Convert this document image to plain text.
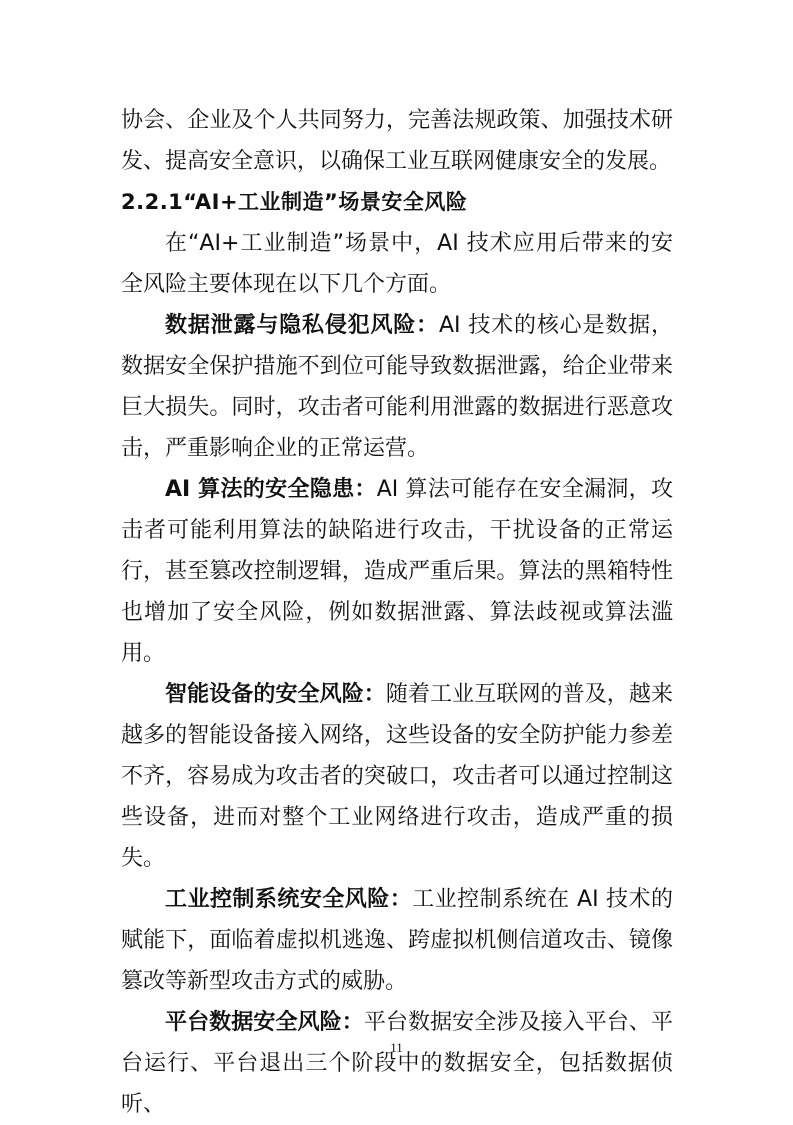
协会、企业及个人共同努力，完善法规政策、加强技术研发、提高安全意识，以确保工业互联网健康安全的发展。

2.2.1“AI+工业制造”场景安全风险

在“AI+工业制造”场景中，AI 技术应用后带来的安全风险主要体现在以下几个方面。

数据泄露与隐私侵犯风险：AI 技术的核心是数据，数据安全保护措施不到位可能导致数据泄露，给企业带来巨大损失。同时，攻击者可能利用泄露的数据进行恶意攻击，严重影响企业的正常运营。

AI 算法的安全隐患：AI 算法可能存在安全漏洞，攻击者可能利用算法的缺陷进行攻击，干扰设备的正常运行，甚至篡改控制逻辑，造成严重后果。算法的黑箱特性也增加了安全风险，例如数据泄露、算法歧视或算法滥用。

智能设备的安全风险：随着工业互联网的普及，越来越多的智能设备接入网络，这些设备的安全防护能力参差不齐，容易成为攻击者的突破口，攻击者可以通过控制这些设备，进而对整个工业网络进行攻击，造成严重的损失。

工业控制系统安全风险：工业控制系统在 AI 技术的赋能下，面临着虚拟机逃逸、跨虚拟机侧信道攻击、镜像篡改等新型攻击方式的威胁。

平台数据安全风险：平台数据安全涉及接入平台、平台运行、平台退出三个阶段中的数据安全，包括数据侦听、

11
